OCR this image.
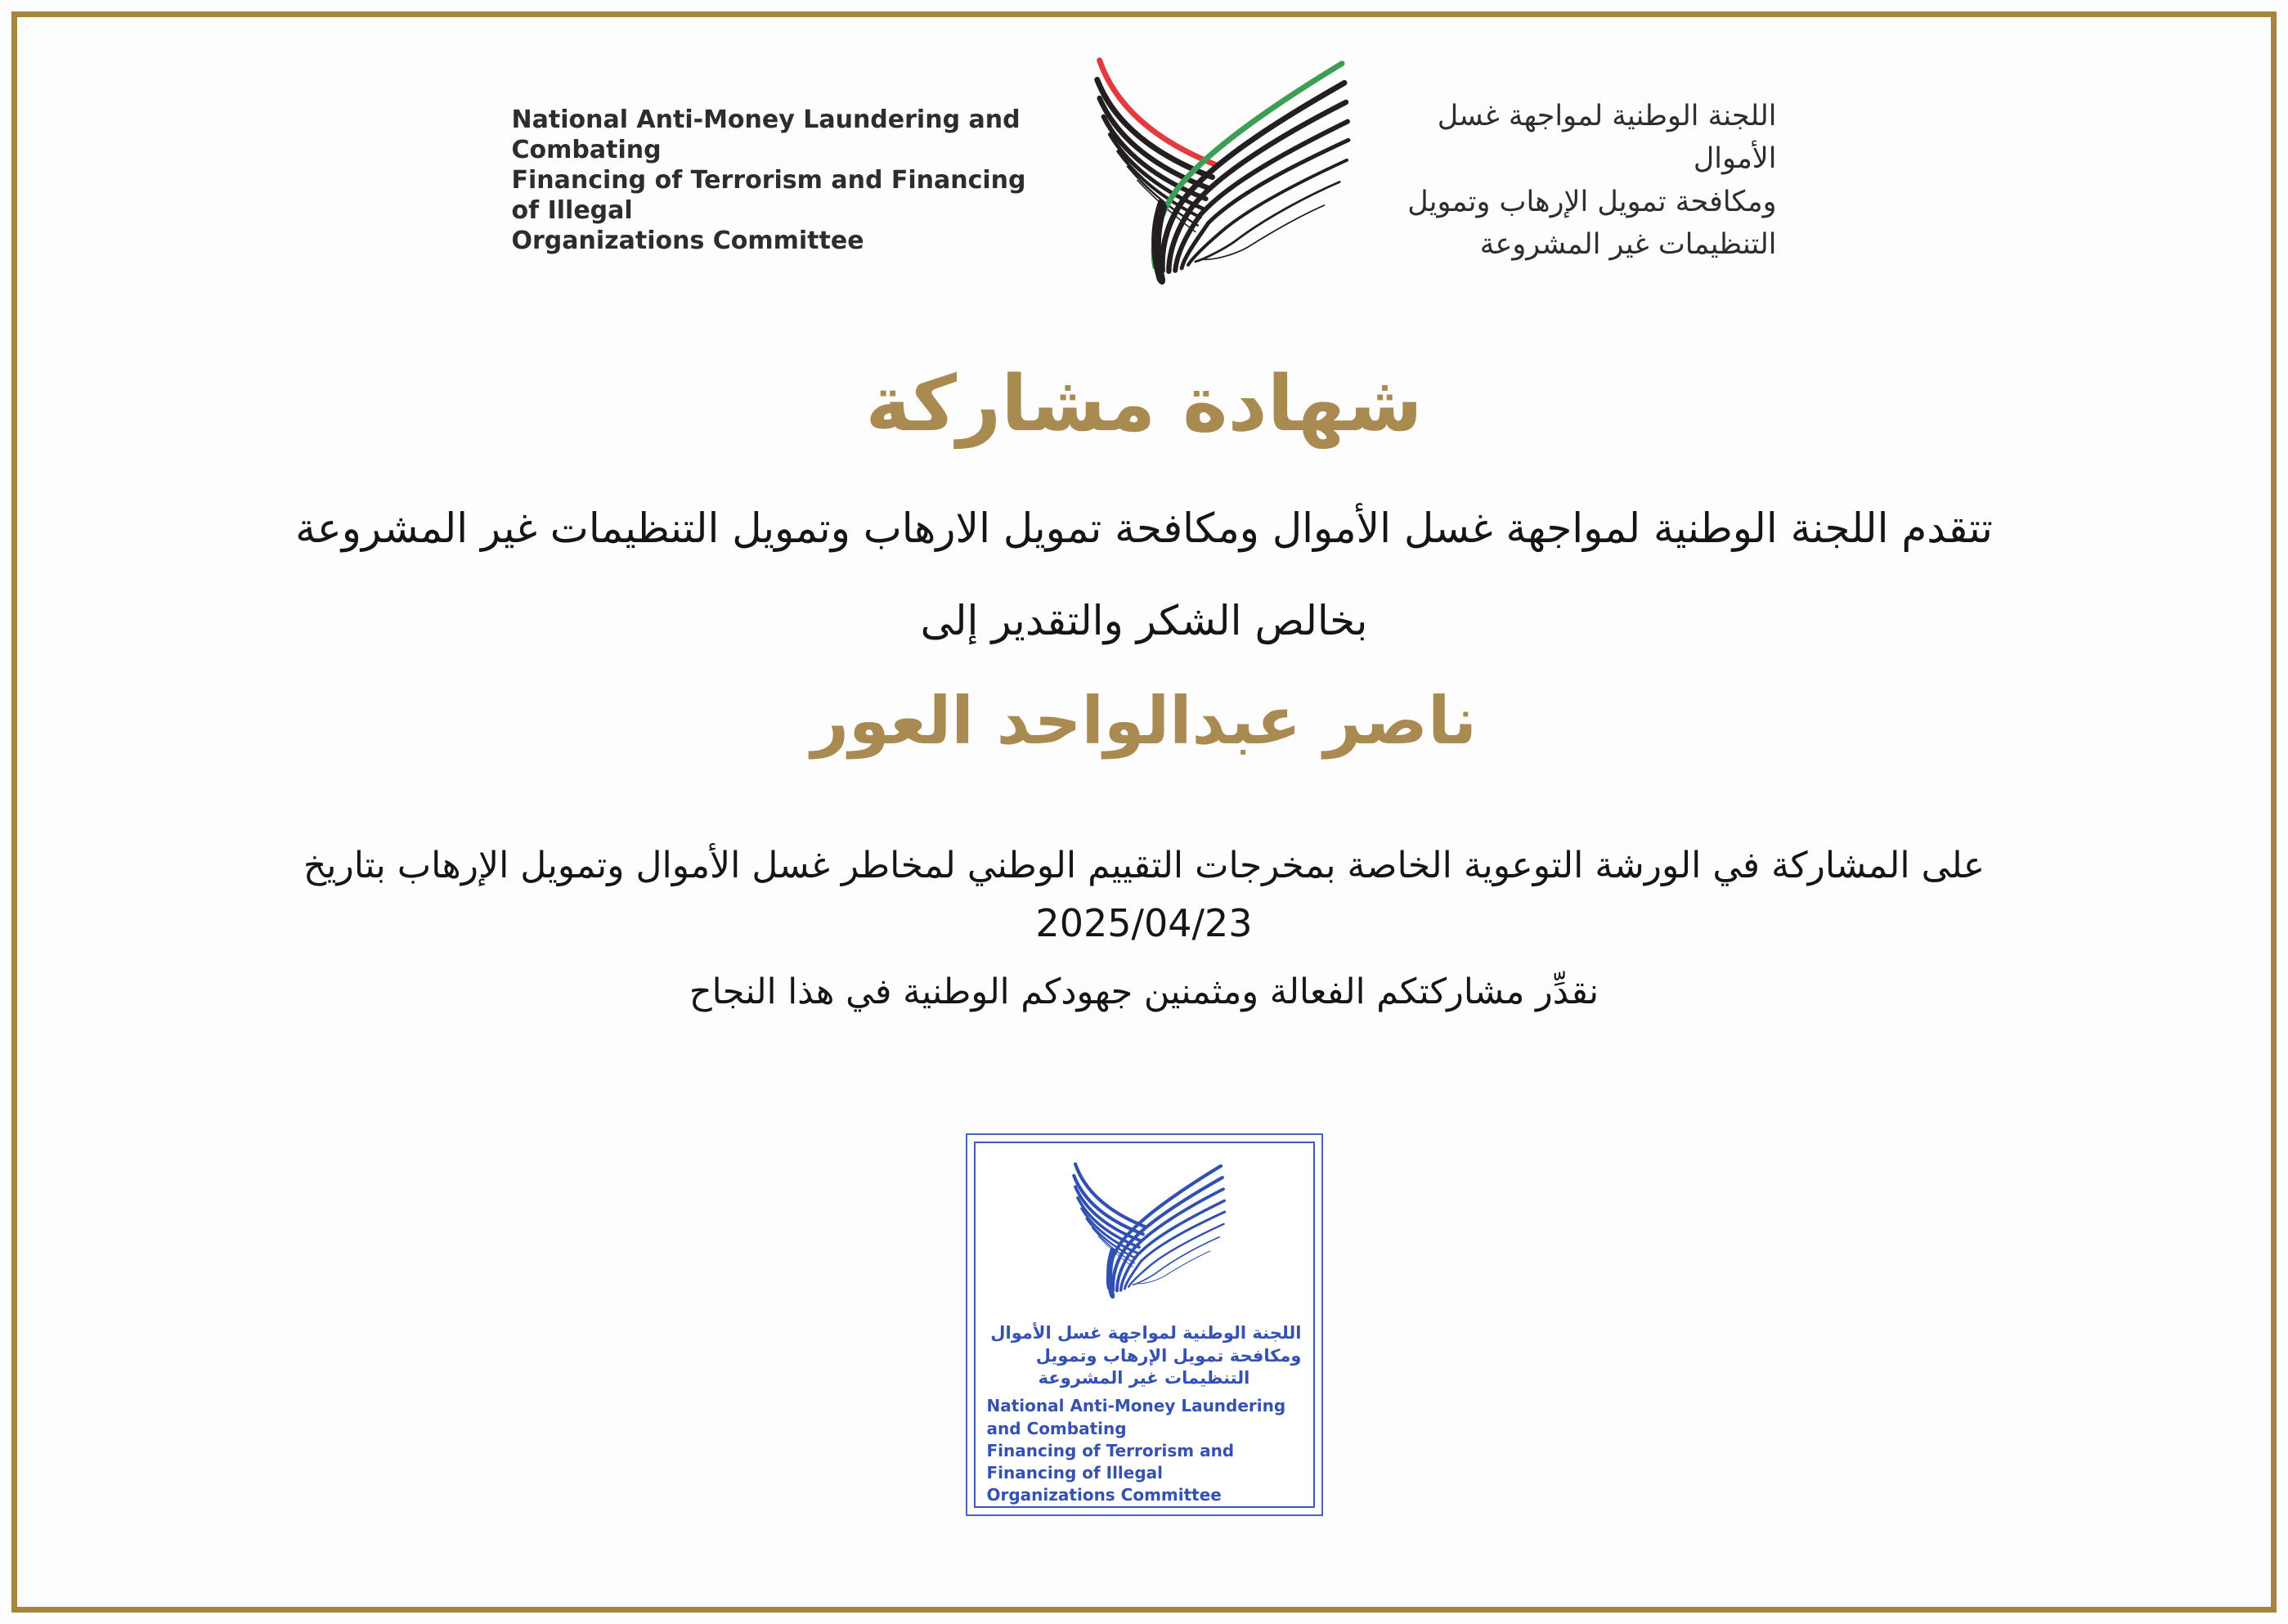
National Anti-Money Laundering and Combating
Financing of Terrorism and Financing of Illegal
Organizations Committee
اللجنة الوطنية لمواجهة غسل الأموال
ومكافحة تمويل الإرهاب وتمويل
التنظيمات غير المشروعة
شهادة مشاركة
تتقدم اللجنة الوطنية لمواجهة غسل الأموال ومكافحة تمويل الارهاب وتمويل التنظيمات غير المشروعة
بخالص الشكر والتقدير إلى
ناصر عبدالواحد العور
على المشاركة في الورشة التوعوية الخاصة بمخرجات التقييم الوطني لمخاطر غسل الأموال وتمويل الإرهاب بتاريخ
2025/04/23
نقدِّر مشاركتكم الفعالة ومثمنين جهودكم الوطنية في هذا النجاح
اللجنة الوطنية لمواجهة غسل الأموال
ومكافحة تمويل الإرهاب وتمويل
التنظيمات غير المشروعة
National Anti-Money Laundering and Combating
Financing of Terrorism and Financing of Illegal
Organizations Committee
